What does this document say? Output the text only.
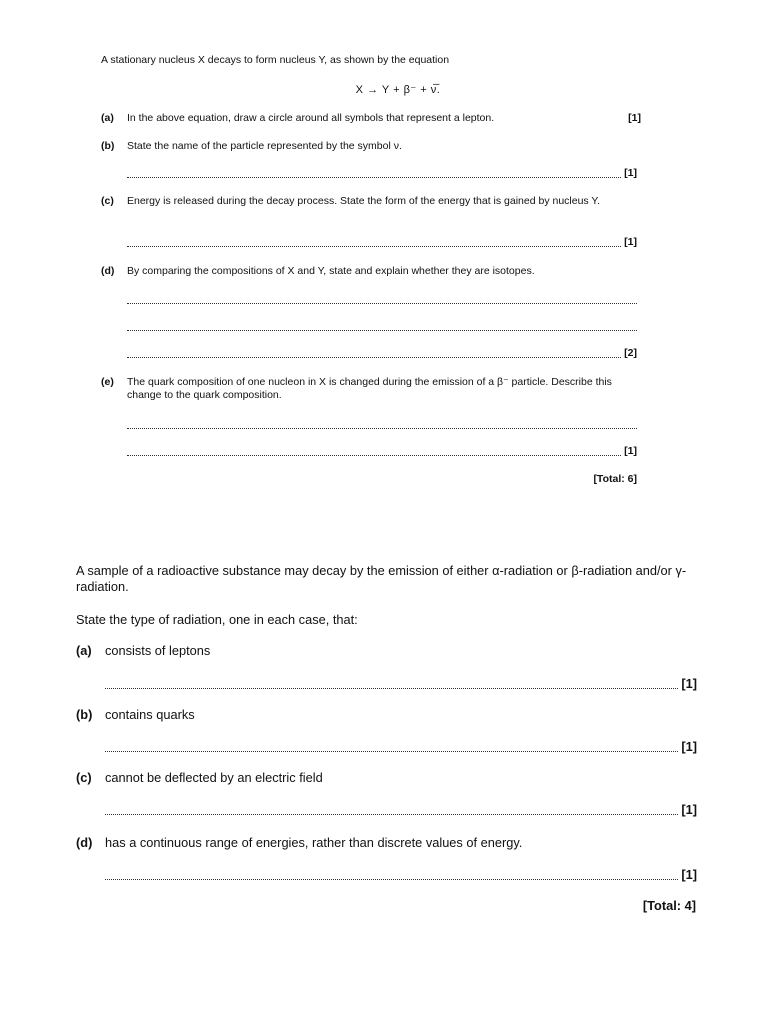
A stationary nucleus X decays to form nucleus Y, as shown by the equation
X → Y + β⁻ + ν̅.
(a) In the above equation, draw a circle around all symbols that represent a lepton.	[1]
(b) State the name of the particle represented by the symbol ν.
[1]
(c) Energy is released during the decay process. State the form of the energy that is gained by nucleus Y.
[1]
(d) By comparing the compositions of X and Y, state and explain whether they are isotopes.
[2]
(e) The quark composition of one nucleon in X is changed during the emission of a β⁻ particle. Describe this change to the quark composition.
[1]
[Total: 6]
A sample of a radioactive substance may decay by the emission of either α-radiation or β-radiation and/or γ-radiation.
State the type of radiation, one in each case, that:
(a) consists of leptons
[1]
(b) contains quarks
[1]
(c) cannot be deflected by an electric field
[1]
(d) has a continuous range of energies, rather than discrete values of energy.
[1]
[Total: 4]
